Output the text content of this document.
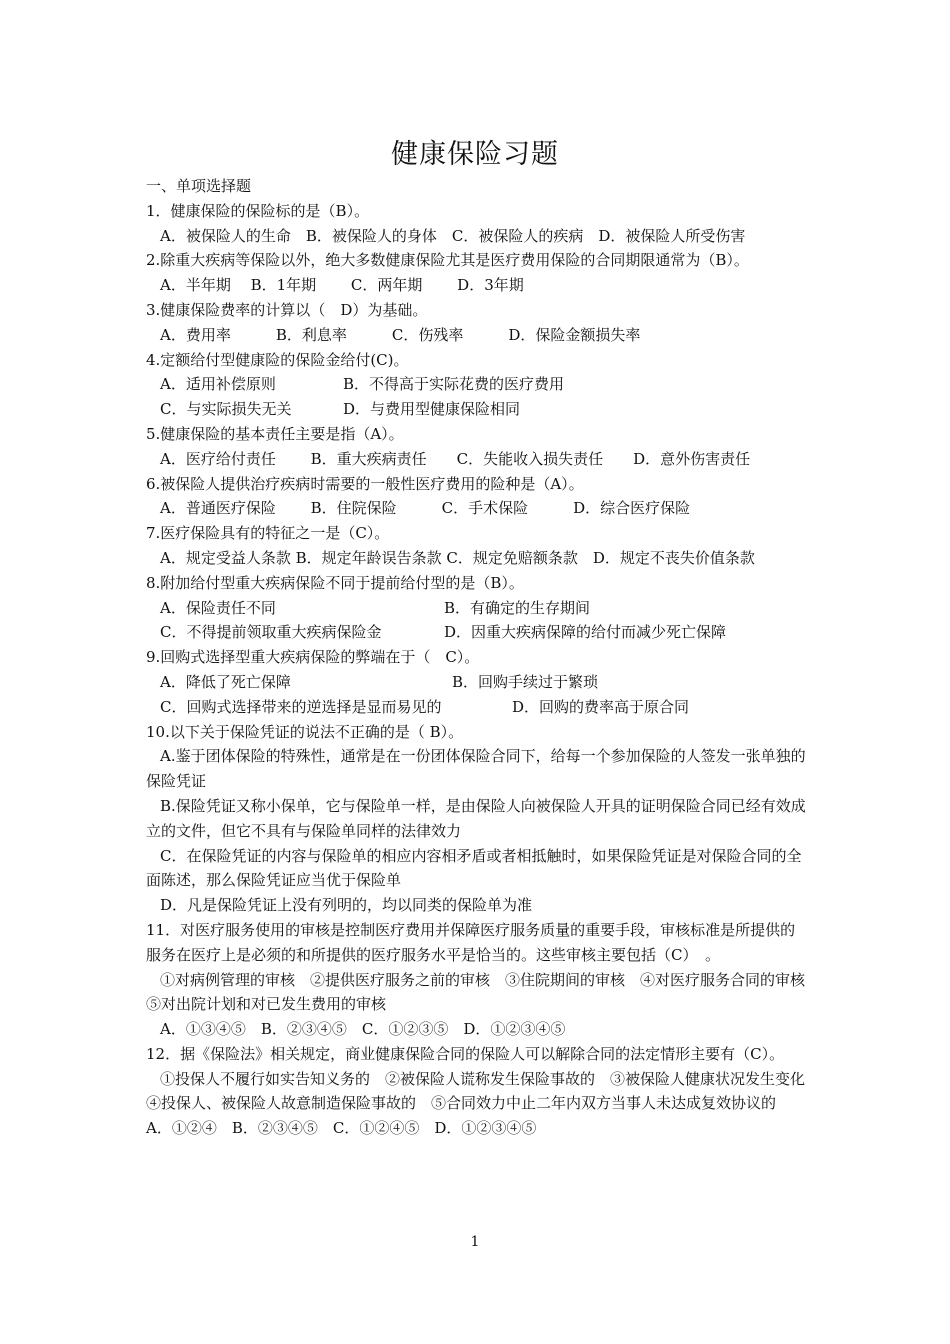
健康保险习题
一、单项选择题
1．健康保险的保险标的是（B）。
A．被保险人的生命　B．被保险人的身体　C．被保险人的疾病　D．被保险人所受伤害
2.除重大疾病等保险以外，绝大多数健康保险尤其是医疗费用保险的合同期限通常为（B）。
A．半年期　 B．1年期　　 C．两年期　　 D．3年期
3.健康保险费率的计算以（　D）为基础。
A．费用率　　　B．利息率　　　C．伤残率　　　D．保险金额损失率
4.定额给付型健康险的保险金给付(C)。
A．适用补偿原则	B．不得高于实际花费的医疗费用
C．与实际损失无关	D．与费用型健康保险相同
5.健康保险的基本责任主要是指（A）。
A．医疗给付责任　　 B．重大疾病责任　　C．失能收入损失责任　　D．意外伤害责任
6.被保险人提供治疗疾病时需要的一般性医疗费用的险种是（A）。
A．普通医疗保险　　 B．住院保险　　　C．手术保险　　　D．综合医疗保险
7.医疗保险具有的特征之一是（C）。
A．规定受益人条款 B．规定年龄误告条款 C．规定免赔额条款　D．规定不丧失价值条款
8.附加给付型重大疾病保险不同于提前给付型的是（B）。
A．保险责任不同	B．有确定的生存期间
C．不得提前领取重大疾病保险金	D．因重大疾病保障的给付而减少死亡保障
9.回购式选择型重大疾病保险的弊端在于（　C）。
A．降低了死亡保障	B．回购手续过于繁琐
C．回购式选择带来的逆选择是显而易见的	D．回购的费率高于原合同
10.以下关于保险凭证的说法不正确的是（ B）。
A.鉴于团体保险的特殊性，通常是在一份团体保险合同下，给每一个参加保险的人签发一张单独的保险凭证
B.保险凭证又称小保单，它与保险单一样，是由保险人向被保险人开具的证明保险合同已经有效成立的文件，但它不具有与保险单同样的法律效力
C．在保险凭证的内容与保险单的相应内容相矛盾或者相抵触时，如果保险凭证是对保险合同的全面陈述，那么保险凭证应当优于保险单
D．凡是保险凭证上没有列明的，均以同类的保险单为准
11．对医疗服务使用的审核是控制医疗费用并保障医疗服务质量的重要手段，审核标准是所提供的服务在医疗上是必须的和所提供的医疗服务水平是恰当的。这些审核主要包括（C）　。
①对病例管理的审核　②提供医疗服务之前的审核　③住院期间的审核　④对医疗服务合同的审核　⑤对出院计划和对已发生费用的审核
A．①③④⑤　B．②③④⑤　C．①②③⑤　D．①②③④⑤
12．据《保险法》相关规定，商业健康保险合同的保险人可以解除合同的法定情形主要有（C）。
①投保人不履行如实告知义务的　②被保险人谎称发生保险事故的　③被保险人健康状况发生变化　④投保人、被保险人故意制造保险事故的　⑤合同效力中止二年内双方当事人未达成复效协议的
A．①②④　B．②③④⑤　C．①②④⑤　D．①②③④⑤
1
